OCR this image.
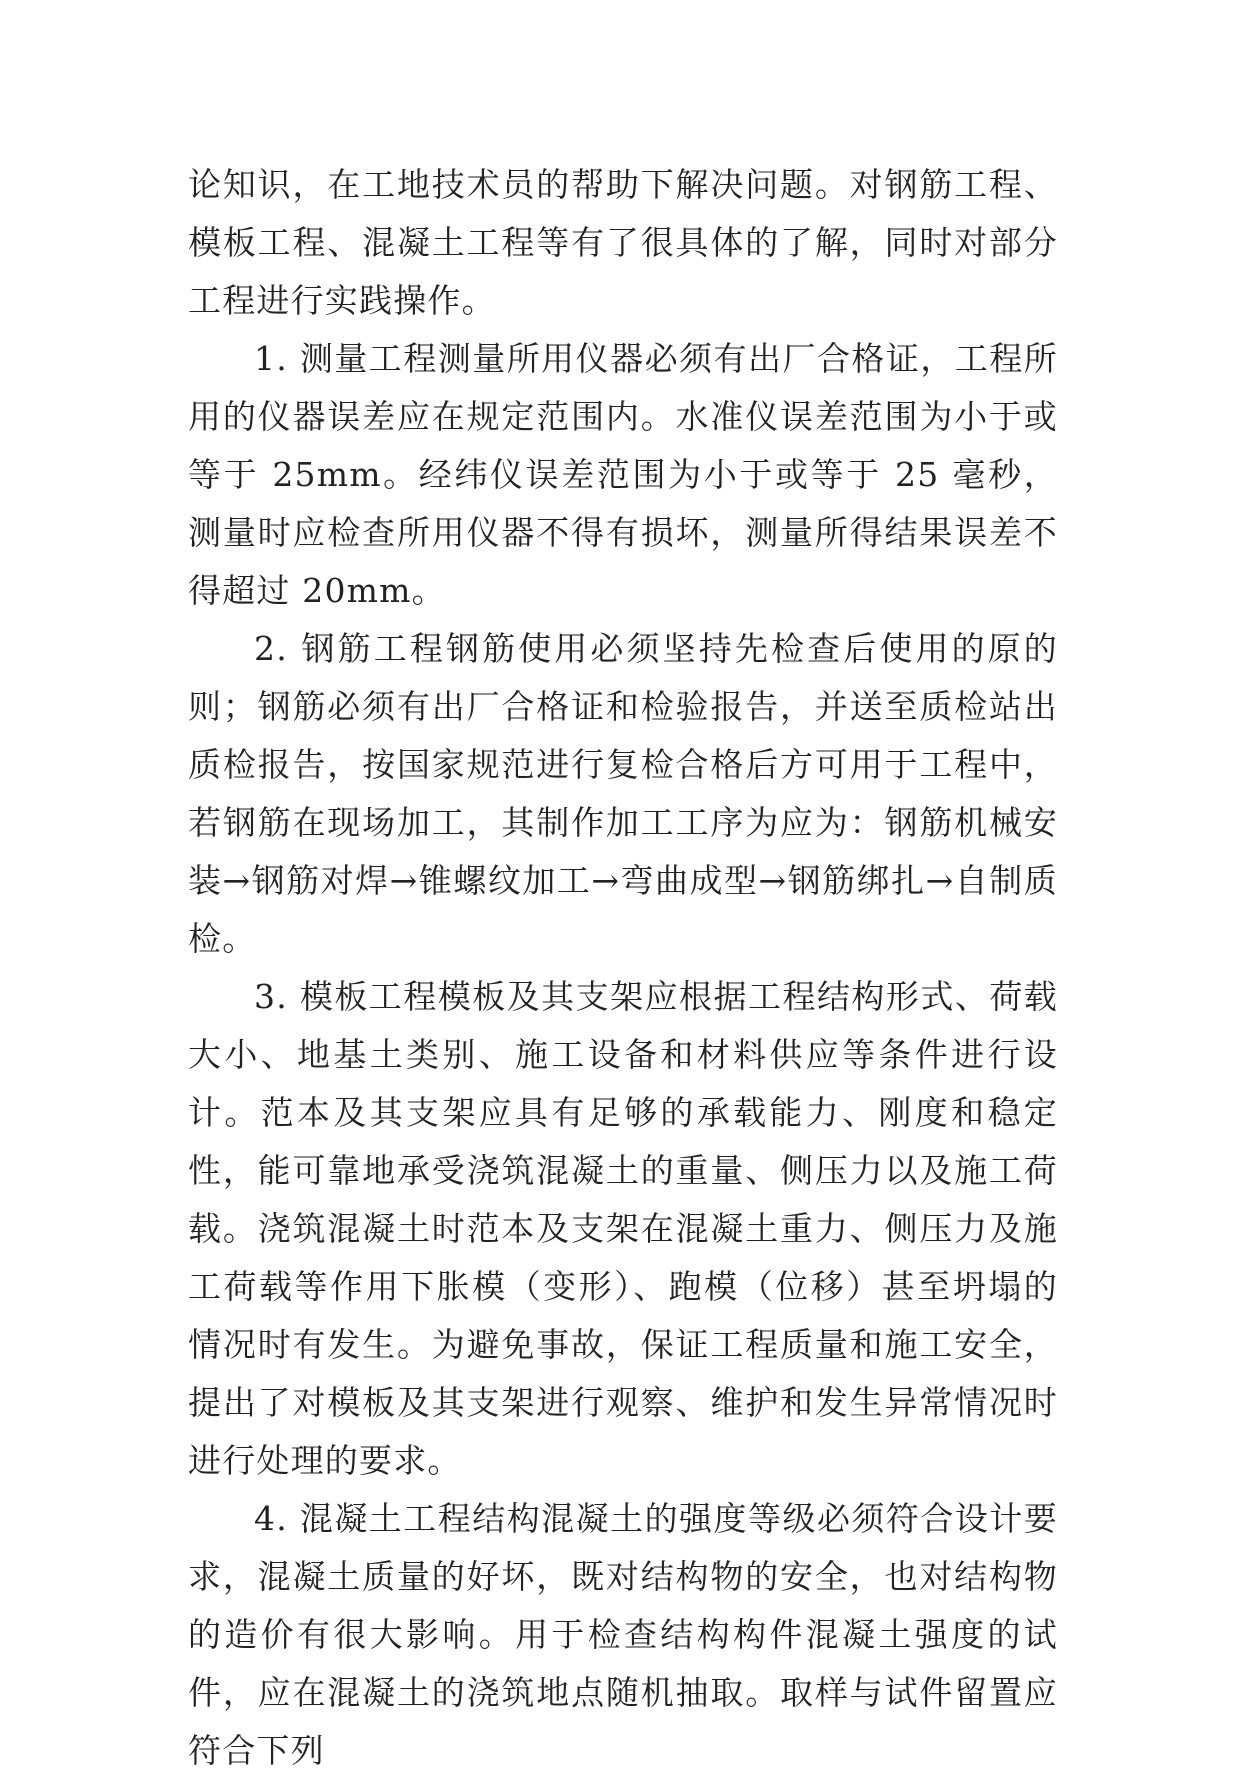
论知识，在工地技术员的帮助下解决问题。对钢筋工程、模板工程、混凝土工程等有了很具体的了解，同时对部分工程进行实践操作。

1. 测量工程测量所用仪器必须有出厂合格证，工程所用的仪器误差应在规定范围内。水准仪误差范围为小于或等于 25mm。经纬仪误差范围为小于或等于 25 毫秒，测量时应检查所用仪器不得有损坏，测量所得结果误差不得超过 20mm。

2. 钢筋工程钢筋使用必须坚持先检查后使用的原的则；钢筋必须有出厂合格证和检验报告，并送至质检站出质检报告，按国家规范进行复检合格后方可用于工程中，若钢筋在现场加工，其制作加工工序为应为：钢筋机械安装→钢筋对焊→锥螺纹加工→弯曲成型→钢筋绑扎→自制质检。

3. 模板工程模板及其支架应根据工程结构形式、荷载大小、地基土类别、施工设备和材料供应等条件进行设计。范本及其支架应具有足够的承载能力、刚度和稳定性，能可靠地承受浇筑混凝土的重量、侧压力以及施工荷载。浇筑混凝土时范本及支架在混凝土重力、侧压力及施工荷载等作用下胀模（变形）、跑模（位移）甚至坍塌的情况时有发生。为避免事故，保证工程质量和施工安全，提出了对模板及其支架进行观察、维护和发生异常情况时进行处理的要求。

4. 混凝土工程结构混凝土的强度等级必须符合设计要求，混凝土质量的好坏，既对结构物的安全，也对结构物的造价有很大影响。用于检查结构构件混凝土强度的试件，应在混凝土的浇筑地点随机抽取。取样与试件留置应符合下列
